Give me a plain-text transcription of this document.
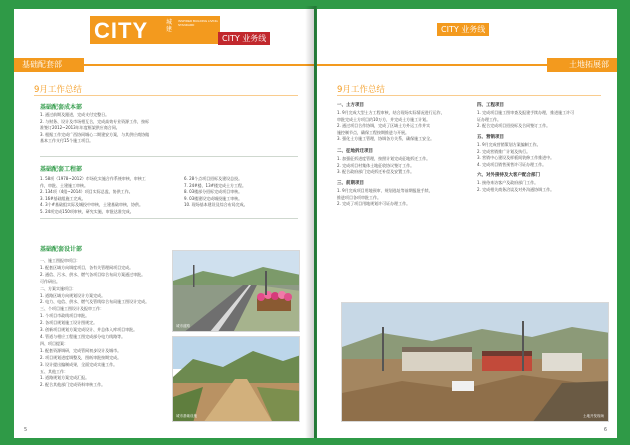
CITY	城建
INSPIRED BUILDING LIVING STANDARD
CITY 业务线
基础配套部
9月工作总结
基础配套成本部

1. 通过前期及跟进，完成支付完整日。

2. 与财务、设计及市场相互合，完成高效专业资源工作，按标

准签订2012~2013年年度框架供应商合同。

3. 根据工作完成广西协同城心二期建安方案，与其供应商协做

基本工作支付15个施工项目。

基础配套工程部

1. 58项（1978~2012）市场化实施合作系统审核，审核工

作，审批、土建施工审核。

2. 134项（4组~2014）项目实际总监，协供工作。

3. 16#基础组施工完成。

4. 3个#基础组实际及城投中审核，土建基础审核，协供。

5. 24项完成150项审核，研究实施，审批达准完成。

6. 28个点项目招标及建设总投。

7. 24#楼、13#楼完成土方工程。

8. 03楼部分招标完成项目审核。

9. 03楼建设完成城投施工审核。

10. 现场基本建设及综合布局完成。

基础配套设计部

一、施工图报审项目：

1. 配套区域方向调度项目，各有关管理网项目完成。

2. 通信、污水、供水、燃气各项目综合布局方案通过审批。

可作研出。

二、方案实施项目：

1. 道路区域方向规划设计方案完成。

2. 电力、电信、供水、燃气及管线综合布局施工图设计完成。

三、个项目施工图设计及报审工作：

1. 个项目市政线项目审批。

2. 各项目规划施工设计图规定。

3. 创新项目规划方案完成设计、并总体入库项目审批。

4. 管道与相应工程施工图完成部分电力线路等。

四、项目提案：

1. 配套资源调研，完成管网初步设计及城市。

2. 项目规划进度调整及，图纸审批按期完成。

3. 设计提出编制成果，全面完成实施工作。

五、其他工作：

1. 道路规划方案完成汇报。

2. 配合其他部门完成资料审核工作。

城市道路
城市基础设施
5
CITY 业务线
土地拓展部
9月工作总结
一、土方项目

1. 9月完成大型土方工程审核，结合现场实际情况进行运作，

审批完成土方项目约10万方，并完成土方施工计划。

2. 通过项目合作协调，完成了区域土方外运工作并实

施控制节点，确保工程按期推进与开展。

3. 强化土方施工管理，协调各方关系，确保施工安全。

二、征地拆迁项目

1. 加强征拆进度管理，按照计划完成征地拆迁工作。

2. 完成项目村集体土地征收协议签订工作。

3. 配合政府部门完成拆迁补偿及安置工作。

三、前期项目

1. 9月完成项目用地预审、规划选址等前期报批手续，

推进项目各项审批工作。

2. 完成了项目用地规划许可证办理工作。

四、工程项目

1. 完成项目施工图审查及报建手续办理，推进施工许可

证办理工作。

2. 配合完成项目招投标及合同签订工作。

五、营销项目

1. 9月完成营销策划方案编制工作。

2. 完成营销推广计划及执行。

3. 营销中心建设及样板间装修工作推进中。

4. 完成项目销售预售许可证办理工作。

六、对外接待及大客户配合部门

1. 接待来访客户及政府部门工作。

2. 完成相关商务洽谈及对外沟通协调工作。

土地开发现场
6
